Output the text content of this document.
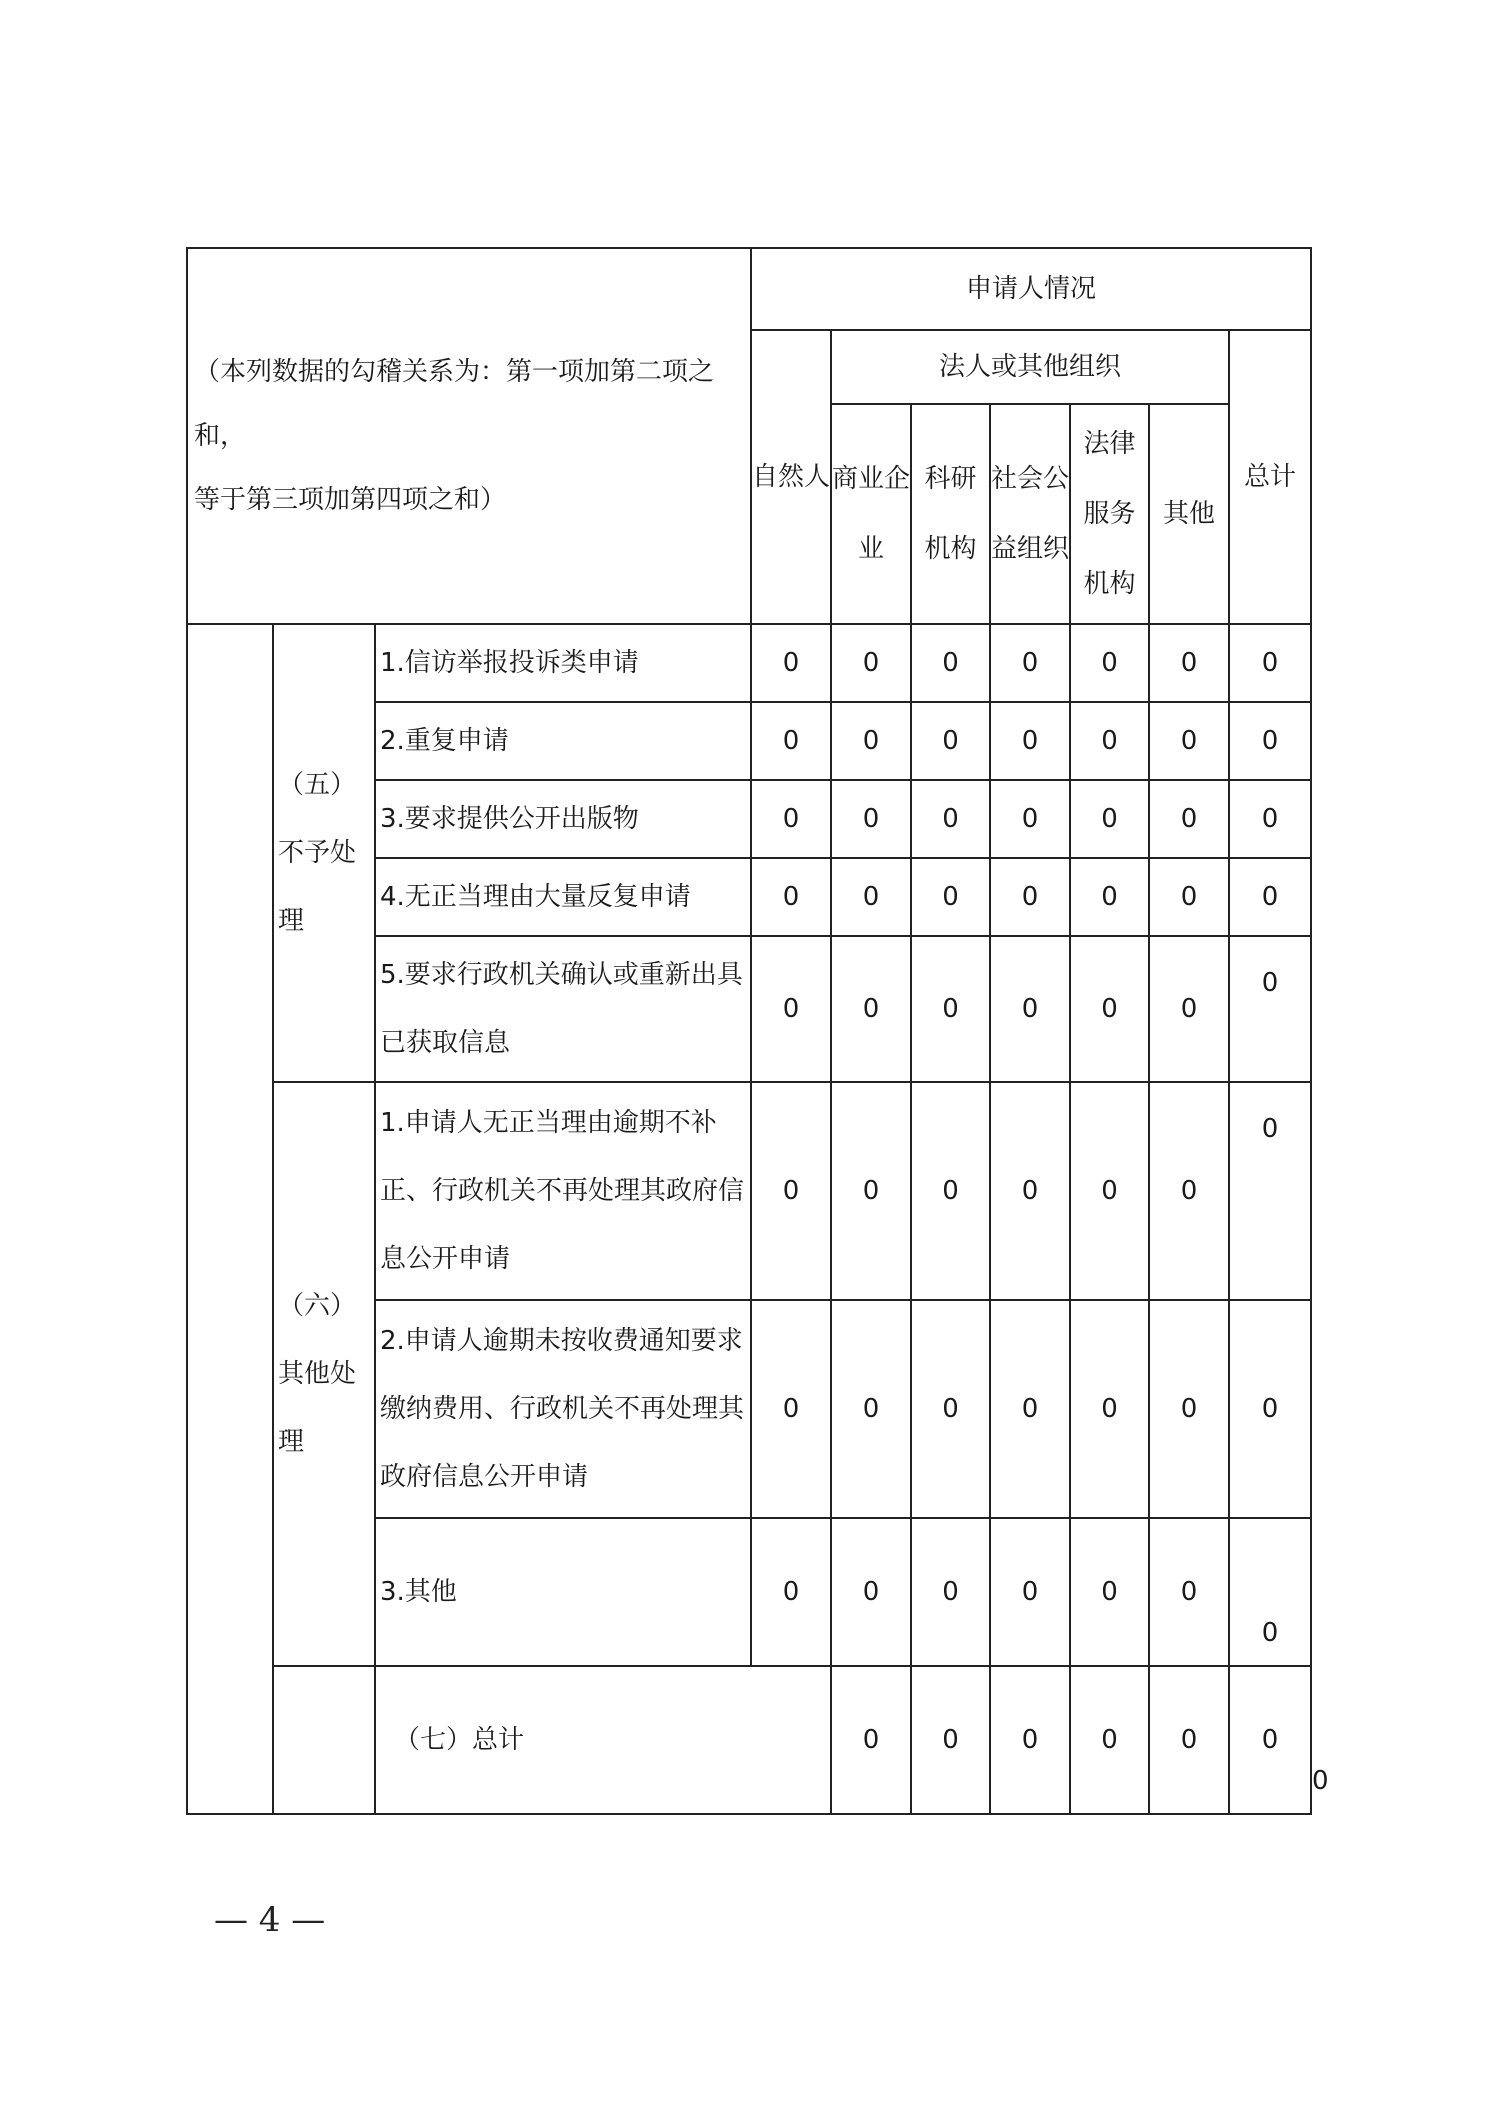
（本列数据的勾稽关系为：第一项加第二项之和，
等于第三项加第四项之和）			申请人情况							
			自然人	法人或其他组织					总计	
				商业企业	科研机构	社会公益组织	法律服务机构	其他		
	（五）不予处理	1.信访举报投诉类申请	0	0	0	0	0	0	0	
		2.重复申请	0	0	0	0	0	0	0	
		3.要求提供公开出版物	0	0	0	0	0	0	0	
		4.无正当理由大量反复申请	0	0	0	0	0	0	0	
		5.要求行政机关确认或重新出具已获取信息	0	0	0	0	0	0	0	
	（六）其他处理	1.申请人无正当理由逾期不补正、行政机关不再处理其政府信息公开申请	0	0	0	0	0	0	0	
		2.申请人逾期未按收费通知要求缴纳费用、行政机关不再处理其政府信息公开申请	0	0	0	0	0	0	0	
		3.其他	0	0	0	0	0	0	0	
		（七）总计		0	0	0	0	0	0	0
— 4 —
